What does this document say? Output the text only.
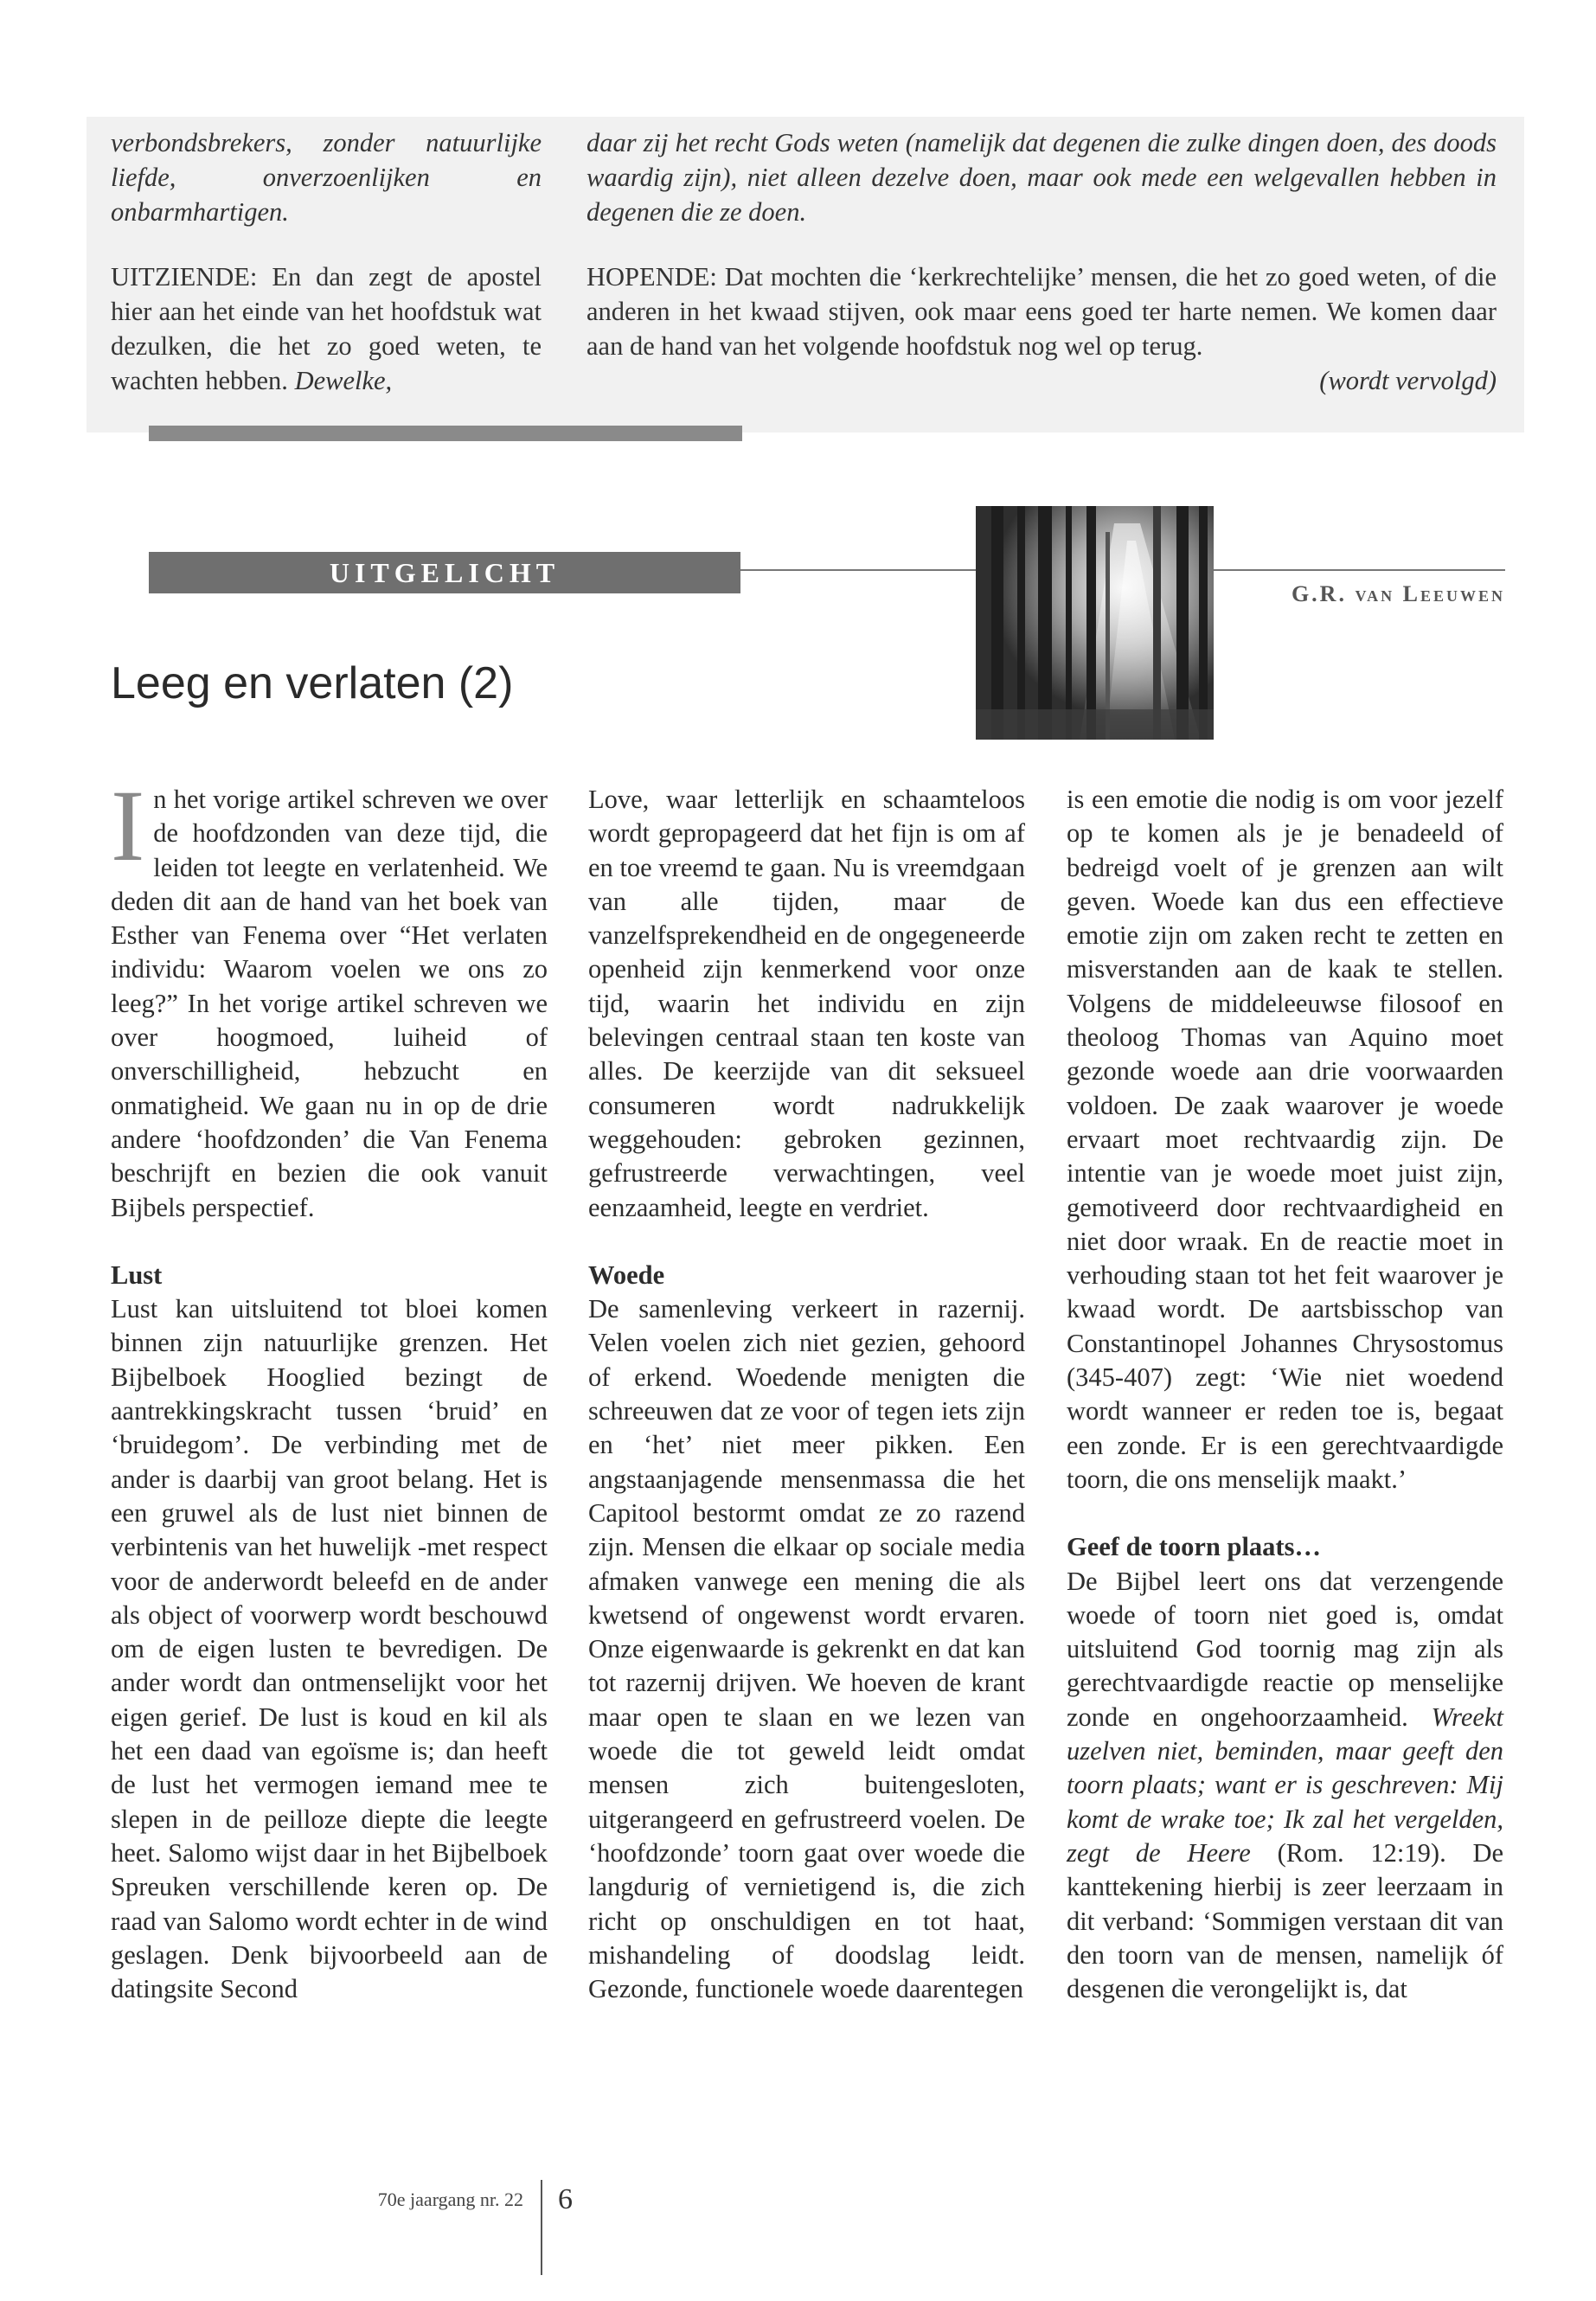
verbondsbrekers, zonder natuurlijke liefde, onverzoenlijken en onbarmhartigen.
UITZIENDE: En dan zegt de apostel hier aan het einde van het hoofdstuk wat dezulken, die het zo goed weten, te wachten hebben. Dewelke,
daar zij het recht Gods weten (namelijk dat degenen die zulke dingen doen, des doods waardig zijn), niet alleen dezelve doen, maar ook mede een welgevallen hebben in degenen die ze doen.
HOPENDE: Dat mochten die ‘kerkrechtelijke’ mensen, die het zo goed weten, of die anderen in het kwaad stijven, ook maar eens goed ter harte nemen. We komen daar aan de hand van het volgende hoofdstuk nog wel op terug.
(wordt vervolgd)
UITGELICHT
G.R. van Leeuwen
Leeg en verlaten (2)

In het vorige artikel schreven we over de hoofdzonden van deze tijd, die leiden tot leegte en verlatenheid. We deden dit aan de hand van het boek van Esther van Fenema over “Het verlaten individu: Waarom voelen we ons zo leeg?” In het vorige artikel schreven we over hoogmoed, luiheid of onverschilligheid, hebzucht en onmatigheid. We gaan nu in op de drie andere ‘hoofdzonden’ die Van Fenema beschrijft en bezien die ook vanuit Bijbels perspectief.

Lust

Lust kan uitsluitend tot bloei komen binnen zijn natuurlijke grenzen. Het Bijbelboek Hooglied bezingt de aantrekkingskracht tussen ‘bruid’ en ‘bruidegom’. De verbinding met de ander is daarbij van groot belang. Het is een gruwel als de lust niet binnen de verbintenis van het huwelijk -met respect voor de anderwordt beleefd en de ander als object of voorwerp wordt beschouwd om de eigen lusten te bevredigen. De ander wordt dan ontmenselijkt voor het eigen gerief. De lust is koud en kil als het een daad van egoïsme is; dan heeft de lust het vermogen iemand mee te slepen in de peilloze diepte die leegte heet. Salomo wijst daar in het Bijbelboek Spreuken verschillende keren op. De raad van Salomo wordt echter in de wind geslagen. Denk bijvoorbeeld aan de datingsite Second

Love, waar letterlijk en schaamteloos wordt gepropageerd dat het fijn is om af en toe vreemd te gaan. Nu is vreemdgaan van alle tijden, maar de vanzelfsprekendheid en de ongegeneerde openheid zijn kenmerkend voor onze tijd, waarin het individu en zijn belevingen centraal staan ten koste van alles. De keerzijde van dit seksueel consumeren wordt nadrukkelijk weggehouden: gebroken gezinnen, gefrustreerde verwachtingen, veel eenzaamheid, leegte en verdriet.

Woede

De samenleving verkeert in razernij. Velen voelen zich niet gezien, gehoord of erkend. Woedende menigten die schreeuwen dat ze voor of tegen iets zijn en ‘het’ niet meer pikken. Een angstaanjagende mensenmassa die het Capitool bestormt omdat ze zo razend zijn. Mensen die elkaar op sociale media afmaken vanwege een mening die als kwetsend of ongewenst wordt ervaren. Onze eigenwaarde is gekrenkt en dat kan tot razernij drijven. We hoeven de krant maar open te slaan en we lezen van woede die tot geweld leidt omdat mensen zich buitengesloten, uitgerangeerd en gefrustreerd voelen. De ‘hoofdzonde’ toorn gaat over woede die langdurig of vernietigend is, die zich richt op onschuldigen en tot haat, mishandeling of doodslag leidt. Gezonde, functionele woede daarentegen

is een emotie die nodig is om voor jezelf op te komen als je je benadeeld of bedreigd voelt of je grenzen aan wilt geven. Woede kan dus een effectieve emotie zijn om zaken recht te zetten en misverstanden aan de kaak te stellen. Volgens de middeleeuwse filosoof en theoloog Thomas van Aquino moet gezonde woede aan drie voorwaarden voldoen. De zaak waarover je woede ervaart moet rechtvaardig zijn. De intentie van je woede moet juist zijn, gemotiveerd door rechtvaardigheid en niet door wraak. En de reactie moet in verhouding staan tot het feit waarover je kwaad wordt. De aartsbisschop van Constantinopel Johannes Chrysostomus (345-407) zegt: ‘Wie niet woedend wordt wanneer er reden toe is, begaat een zonde. Er is een gerechtvaardigde toorn, die ons menselijk maakt.’

Geef de toorn plaats…

De Bijbel leert ons dat verzengende woede of toorn niet goed is, omdat uitsluitend God toornig mag zijn als gerechtvaardigde reactie op menselijke zonde en ongehoorzaamheid. Wreekt uzelven niet, beminden, maar geeft den toorn plaats; want er is geschreven: Mij komt de wrake toe; Ik zal het vergelden, zegt de Heere (Rom. 12:19). De kanttekening hierbij is zeer leerzaam in dit verband: ‘Sommigen verstaan dit van den toorn van de mensen, namelijk óf desgenen die verongelijkt is, dat

70e jaargang nr. 22 6
